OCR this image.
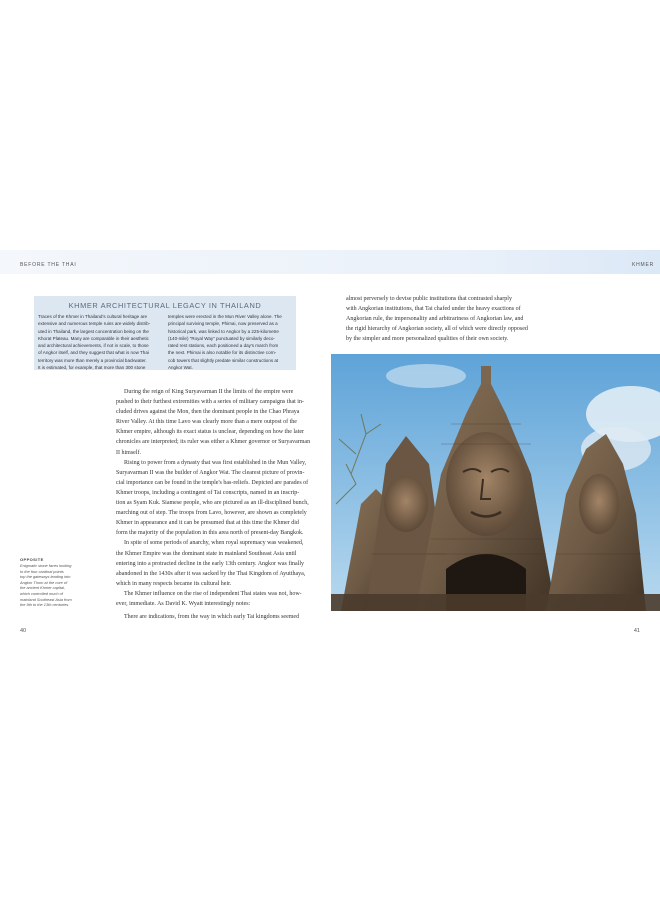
BEFORE THE THAI	KHMER
KHMER ARCHITECTURAL LEGACY IN THAILAND
Traces of the Khmer in Thailand's cultural heritage are
extensive and numerous temple ruins are widely distrib-
uted in Thailand, the largest concentration being on the
Khorat Plateau. Many are comparable in their aesthetic
and architectural achievements, if not in scale, to those
of Angkor itself, and they suggest that what is now Thai
territory was more than merely a provincial backwater.
It is estimated, for example, that more than 300 stone
temples were erected in the Mun River Valley alone. The
principal surviving temple, Phimai, now preserved as a
historical park, was linked to Angkor by a 225-kilometre
(140-mile) "Royal Way" punctuated by similarly deco-
rated rest stations, each positioned a day's march from
the next. Phimai is also notable for its distinctive corn-
cob towers that slightly predate similar constructions at
Angkor Wat.
During the reign of King Suryavarman II the limits of the empire were
pushed to their furthest extremities with a series of military campaigns that in-
cluded drives against the Mon, then the dominant people in the Chao Phraya
River Valley. At this time Lavo was clearly more than a mere outpost of the
Khmer empire, although its exact status is unclear, depending on how the later
chronicles are interpreted; its ruler was either a Khmer governor or Suryavarman
II himself.
Rising to power from a dynasty that was first established in the Mun Valley,
Suryavarman II was the builder of Angkor Wat. The clearest picture of provin-
cial importance can be found in the temple's bas-reliefs. Depicted are parades of
Khmer troops, including a contingent of Tai conscripts, named in an inscrip-
tion as Syam Kuk. Siamese people, who are pictured as an ill-disciplined bunch,
marching out of step. The troops from Lavo, however, are shown as completely
Khmer in appearance and it can be presumed that at this time the Khmer did
form the majority of the population in this area north of present-day Bangkok.
In spite of some periods of anarchy, when royal supremacy was weakened,
the Khmer Empire was the dominant state in mainland Southeast Asia until
entering into a protracted decline in the early 13th century. Angkor was finally
abandoned in the 1430s after it was sacked by the Thai Kingdom of Ayutthaya,
which in many respects became its cultural heir.
The Khmer influence on the rise of independent Thai states was not, how-
ever, immediate. As David K. Wyatt interestingly notes:
There are indications, from the way in which early Tai kingdoms seemed
almost perversely to devise public institutions that contrasted sharply
with Angkorian institutions, that Tai chafed under the heavy exactions of
Angkorian rule, the impersonality and arbitrariness of Angkorian law, and
the rigid hierarchy of Angkorian society, all of which were directly opposed
by the simpler and more personalized qualities of their own society.
OPPOSITE
Enigmatic stone faces looking
to the four cardinal points
top the gateways leading into
Angkor Thom at the core of
the ancient Khmer capital,
which controlled much of
mainland Southeast Asia from
the 9th to the 13th centuries.
40	41
